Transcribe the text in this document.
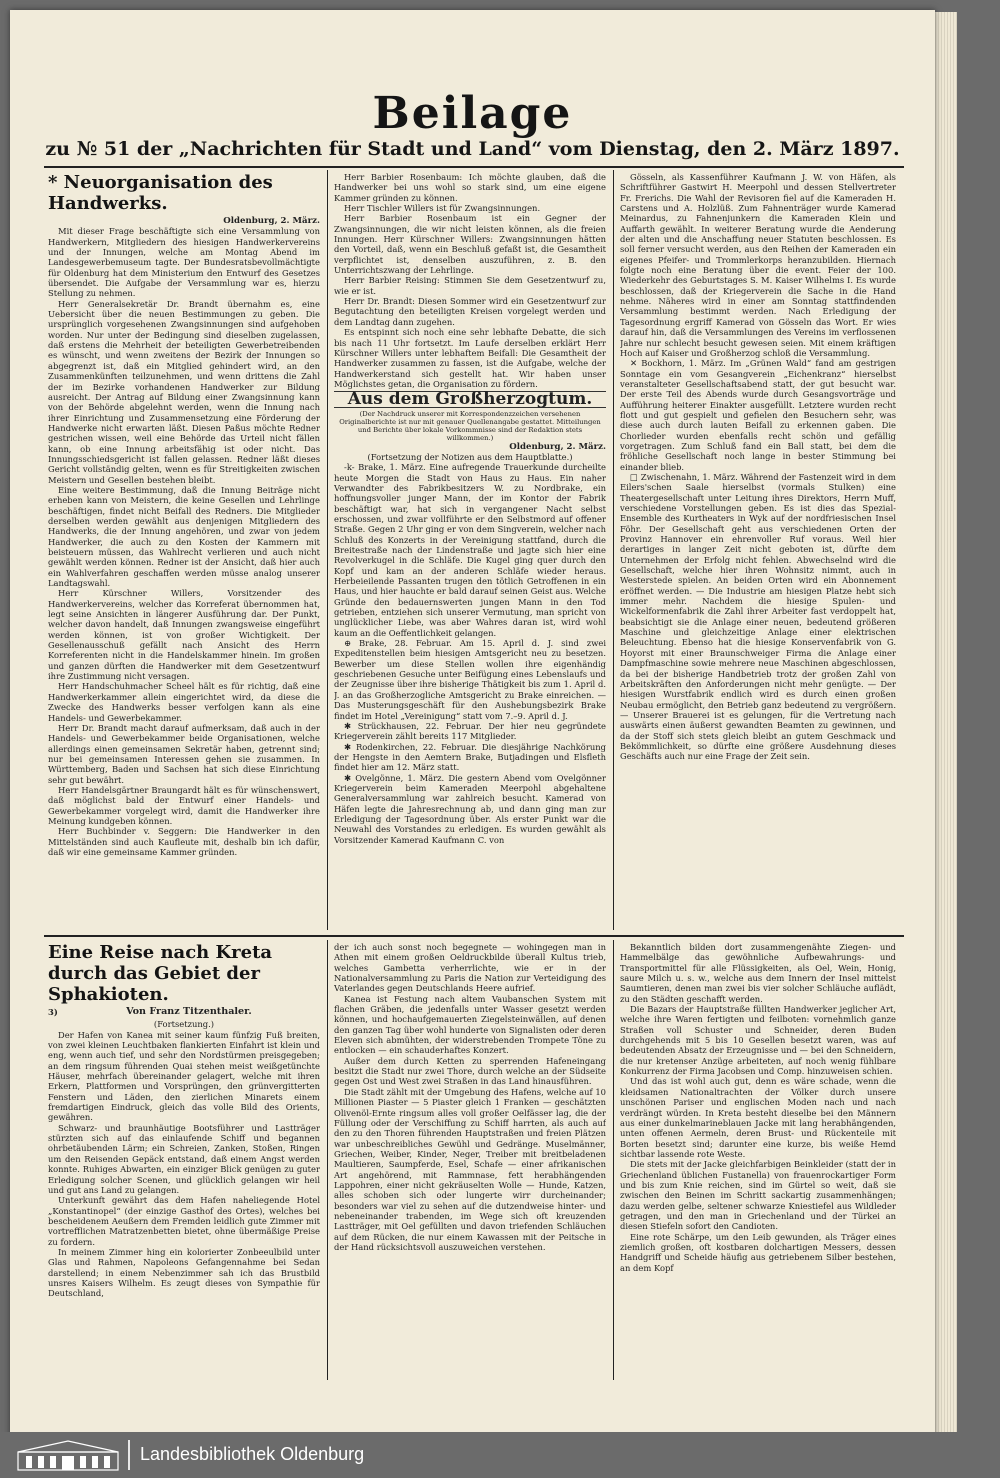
Beilage
zu № 51 der „Nachrichten für Stadt und Land“ vom Dienstag, den 2. März 1897.
* Neuorganisation des Handwerks.
Oldenburg, 2. März.

Mit dieser Frage beschäftigte sich eine Versammlung von Handwerkern, Mitgliedern des hiesigen Handwerkervereins und der Innungen, welche am Montag Abend im Landesgewerbemuseum tagte. Der Bundesratsbevollmächtigte für Oldenburg hat dem Ministerium den Entwurf des Gesetzes übersendet. Die Aufgabe der Versammlung war es, hierzu Stellung zu nehmen.

Herr Generalsekretär Dr. Brandt übernahm es, eine Uebersicht über die neuen Bestimmungen zu geben. Die ursprünglich vorgesehenen Zwangsinnungen sind aufgehoben worden. Nur unter der Bedingung sind dieselben zugelassen, daß erstens die Mehrheit der beteiligten Gewerbetreibenden es wünscht, und wenn zweitens der Bezirk der Innungen so abgegrenzt ist, daß ein Mitglied gehindert wird, an den Zusammenkünften teilzunehmen, und wenn drittens die Zahl der im Bezirke vorhandenen Handwerker zur Bildung ausreicht. Der Antrag auf Bildung einer Zwangsinnung kann von der Behörde abgelehnt werden, wenn die Innung nach ihrer Einrichtung und Zusammensetzung eine Förderung der Handwerke nicht erwarten läßt. Diesen Paßus möchte Redner gestrichen wissen, weil eine Behörde das Urteil nicht fällen kann, ob eine Innung arbeitsfähig ist oder nicht. Das Innungsschiedsgericht ist fallen gelassen. Redner läßt dieses Gericht vollständig gelten, wenn es für Streitigkeiten zwischen Meistern und Gesellen bestehen bleibt.

Eine weitere Bestimmung, daß die Innung Beiträge nicht erheben kann von Meistern, die keine Gesellen und Lehrlinge beschäftigen, findet nicht Beifall des Redners. Die Mitglieder derselben werden gewählt aus denjenigen Mitgliedern des Handwerks, die der Innung angehören, und zwar von jedem Handwerker, die auch zu den Kosten der Kammern mit beisteuern müssen, das Wahlrecht verlieren und auch nicht gewählt werden können. Redner ist der Ansicht, daß hier auch ein Wahlverfahren geschaffen werden müsse analog unserer Landtagswahl.

Herr Kürschner Willers, Vorsitzender des Handwerkervereins, welcher das Korreferat übernommen hat, legt seine Ansichten in längerer Ausführung dar. Der Punkt, welcher davon handelt, daß Innungen zwangsweise eingeführt werden können, ist von großer Wichtigkeit. Der Gesellenausschuß gefällt nach Ansicht des Herrn Korreferenten nicht in die Handelskammer hinein. Im großen und ganzen dürften die Handwerker mit dem Gesetzentwurf ihre Zustimmung nicht versagen.

Herr Handschuhmacher Scheel hält es für richtig, daß eine Handwerkerkammer allein eingerichtet wird, da diese die Zwecke des Handwerks besser verfolgen kann als eine Handels- und Gewerbekammer.

Herr Dr. Brandt macht darauf aufmerksam, daß auch in der Handels- und Gewerbekammer beide Organisationen, welche allerdings einen gemeinsamen Sekretär haben, getrennt sind; nur bei gemeinsamen Interessen gehen sie zusammen. In Württemberg, Baden und Sachsen hat sich diese Einrichtung sehr gut bewährt.

Herr Handelsgärtner Braungardt hält es für wünschenswert, daß möglichst bald der Entwurf einer Handels- und Gewerbekammer vorgelegt wird, damit die Handwerker ihre Meinung kundgeben können.

Herr Buchbinder v. Seggern: Die Handwerker in den Mittelständen sind auch Kaufleute mit, deshalb bin ich dafür, daß wir eine gemeinsame Kammer gründen.

Herr Barbier Rosenbaum: Ich möchte glauben, daß die Handwerker bei uns wohl so stark sind, um eine eigene Kammer gründen zu können.

Herr Tischler Willers ist für Zwangsinnungen.

Herr Barbier Rosenbaum ist ein Gegner der Zwangsinnungen, die wir nicht leisten können, als die freien Innungen. Herr Kürschner Willers: Zwangsinnungen hätten den Vorteil, daß, wenn ein Beschluß gefaßt ist, die Gesamtheit verpflichtet ist, denselben auszuführen, z. B. den Unterrichtszwang der Lehrlinge.

Herr Barbier Reising: Stimmen Sie dem Gesetzentwurf zu, wie er ist.

Herr Dr. Brandt: Diesen Sommer wird ein Gesetzentwurf zur Begutachtung den beteiligten Kreisen vorgelegt werden und dem Landtag dann zugehen.

Es entspinnt sich noch eine sehr lebhafte Debatte, die sich bis nach 11 Uhr fortsetzt. Im Laufe derselben erklärt Herr Kürschner Willers unter lebhaftem Beifall: Die Gesamtheit der Handwerker zusammen zu fassen, ist die Aufgabe, welche der Handwerkerstand sich gestellt hat. Wir haben unser Möglichstes getan, die Organisation zu fördern.

Aus dem Großherzogtum.
(Der Nachdruck unserer mit Korrespondenzzeichen versehenen Originalberichte ist nur mit genauer Quellenangabe gestattet. Mitteilungen und Berichte über lokale Vorkommnisse sind der Redaktion stets willkommen.)
Oldenburg, 2. März.
(Fortsetzung der Notizen aus dem Hauptblatte.)

-k- Brake, 1. März. Eine aufregende Trauerkunde durcheilte heute Morgen die Stadt von Haus zu Haus. Ein naher Verwandter des Fabrikbesitzers W. zu Nordbrake, ein hoffnungsvoller junger Mann, der im Kontor der Fabrik beschäftigt war, hat sich in vergangener Nacht selbst erschossen, und zwar vollführte er den Selbstmord auf offener Straße. Gegen 2 Uhr ging er von dem Singverein, welcher nach Schluß des Konzerts in der Vereinigung stattfand, durch die Breitestraße nach der Lindenstraße und jagte sich hier eine Revolverkugel in die Schläfe. Die Kugel ging quer durch den Kopf und kam an der anderen Schläfe wieder heraus. Herbeieilende Passanten trugen den tötlich Getroffenen in ein Haus, und hier hauchte er bald darauf seinen Geist aus. Welche Gründe den bedauernswerten jungen Mann in den Tod getrieben, entziehen sich unserer Vermutung, man spricht von unglücklicher Liebe, was aber Wahres daran ist, wird wohl kaum an die Oeffentlichkeit gelangen.

⊕ Brake, 28. Februar. Am 15. April d. J. sind zwei Expeditenstellen beim hiesigen Amtsgericht neu zu besetzen. Bewerber um diese Stellen wollen ihre eigenhändig geschriebenen Gesuche unter Beifügung eines Lebenslaufs und der Zeugnisse über ihre bisherige Thätigkeit bis zum 1. April d. J. an das Großherzogliche Amtsgericht zu Brake einreichen. — Das Musterungsgeschäft für den Aushebungsbezirk Brake findet im Hotel „Vereinigung“ statt vom 7.–9. April d. J.

✱ Strückhausen, 22. Februar. Der hier neu gegründete Kriegerverein zählt bereits 117 Mitglieder.

✱ Rodenkirchen, 22. Februar. Die diesjährige Nachkörung der Hengste in den Aemtern Brake, Butjadingen und Elsfleth findet hier am 12. März statt.

✱ Ovelgönne, 1. März. Die gestern Abend vom Ovelgönner Kriegerverein beim Kameraden Meerpohl abgehaltene Generalversammlung war zahlreich besucht. Kamerad von Häfen legte die Jahresrechnung ab, und dann ging man zur Erledigung der Tagesordnung über. Als erster Punkt war die Neuwahl des Vorstandes zu erledigen. Es wurden gewählt als Vorsitzender Kamerad Kaufmann C. von

Gösseln, als Kassenführer Kaufmann J. W. von Häfen, als Schriftführer Gastwirt H. Meerpohl und dessen Stellvertreter Fr. Frerichs. Die Wahl der Revisoren fiel auf die Kameraden H. Carstens und A. Holzlüß. Zum Fahnenträger wurde Kamerad Meinardus, zu Fahnenjunkern die Kameraden Klein und Auffarth gewählt. In weiterer Beratung wurde die Aenderung der alten und die Anschaffung neuer Statuten beschlossen. Es soll ferner versucht werden, aus den Reihen der Kameraden ein eigenes Pfeifer- und Trommlerkorps heranzubilden. Hiernach folgte noch eine Beratung über die event. Feier der 100. Wiederkehr des Geburtstages S. M. Kaiser Wilhelms I. Es wurde beschlossen, daß der Kriegerverein die Sache in die Hand nehme. Näheres wird in einer am Sonntag stattfindenden Versammlung bestimmt werden. Nach Erledigung der Tagesordnung ergriff Kamerad von Gösseln das Wort. Er wies darauf hin, daß die Versammlungen des Vereins im verflossenen Jahre nur schlecht besucht gewesen seien. Mit einem kräftigen Hoch auf Kaiser und Großherzog schloß die Versammlung.

✕ Bockhorn, 1. März. Im „Grünen Wald“ fand am gestrigen Sonntage ein vom Gesangverein „Eichenkranz“ hierselbst veranstalteter Gesellschaftsabend statt, der gut besucht war. Der erste Teil des Abends wurde durch Gesangsvorträge und Aufführung heiterer Einakter ausgefüllt. Letztere wurden recht flott und gut gespielt und gefielen den Besuchern sehr, was diese auch durch lauten Beifall zu erkennen gaben. Die Chorlieder wurden ebenfalls recht schön und gefällig vorgetragen. Zum Schluß fand ein Ball statt, bei dem die fröhliche Gesellschaft noch lange in bester Stimmung bei einander blieb.

□ Zwischenahn, 1. März. Während der Fastenzeit wird in dem Eilers'schen Saale hierselbst (vormals Stulken) eine Theatergesellschaft unter Leitung ihres Direktors, Herrn Muff, verschiedene Vorstellungen geben. Es ist dies das Spezial-Ensemble des Kurtheaters in Wyk auf der nordfriesischen Insel Föhr. Der Gesellschaft geht aus verschiedenen Orten der Provinz Hannover ein ehrenvoller Ruf voraus. Weil hier derartiges in langer Zeit nicht geboten ist, dürfte dem Unternehmen der Erfolg nicht fehlen. Abwechselnd wird die Gesellschaft, welche hier ihren Wohnsitz nimmt, auch in Westerstede spielen. An beiden Orten wird ein Abonnement eröffnet werden. — Die Industrie am hiesigen Platze hebt sich immer mehr. Nachdem die hiesige Spulen- und Wickelformenfabrik die Zahl ihrer Arbeiter fast verdoppelt hat, beabsichtigt sie die Anlage einer neuen, bedeutend größeren Maschine und gleichzeitige Anlage einer elektrischen Beleuchtung. Ebenso hat die hiesige Konservenfabrik von G. Hoyorst mit einer Braunschweiger Firma die Anlage einer Dampfmaschine sowie mehrere neue Maschinen abgeschlossen, da bei der bisherige Handbetrieb trotz der großen Zahl von Arbeitskräften den Anforderungen nicht mehr genügte. — Der hiesigen Wurstfabrik endlich wird es durch einen großen Neubau ermöglicht, den Betrieb ganz bedeutend zu vergrößern. — Unserer Brauerei ist es gelungen, für die Vertretung nach auswärts einen äußerst gewandten Beamten zu gewinnen, und da der Stoff sich stets gleich bleibt an gutem Geschmack und Bekömmlichkeit, so dürfte eine größere Ausdehnung dieses Geschäfts auch nur eine Frage der Zeit sein.

Eine Reise nach Kreta durch das Gebiet der Sphakioten.
3)	Von Franz Titzenthaler.
(Fortsetzung.)

Der Hafen von Kanea mit seiner kaum fünfzig Fuß breiten, von zwei kleinen Leuchtbaken flankierten Einfahrt ist klein und eng, wenn auch tief, und sehr den Nordstürmen preisgegeben; an dem ringsum führenden Quai stehen meist weißgetünchte Häuser, mehrfach übereinander gelagert, welche mit ihren Erkern, Plattformen und Vorsprüngen, den grünvergitterten Fenstern und Läden, den zierlichen Minarets einem fremdartigen Eindruck, gleich das volle Bild des Orients, gewähren.

Schwarz- und braunhäutige Bootsführer und Lastträger stürzten sich auf das einlaufende Schiff und begannen ohrbetäubenden Lärm; ein Schreien, Zanken, Stoßen, Ringen um den Reisenden Gepäck entstand, daß einem Angst werden konnte. Ruhiges Abwarten, ein einziger Blick genügen zu guter Erledigung solcher Scenen, und glücklich gelangen wir heil und gut ans Land zu gelangen.

Unterkunft gewährt das dem Hafen naheliegende Hotel „Konstantinopel“ (der einzige Gasthof des Ortes), welches bei bescheidenem Aeußern dem Fremden leidlich gute Zimmer mit vortrefflichen Matratzenbetten bietet, ohne übermäßige Preise zu fordern.

In meinem Zimmer hing ein kolorierter Zonbeeulbild unter Glas und Rahmen, Napoleons Gefangennahme bei Sedan darstellend; in einem Nebenzimmer sah ich das Brustbild unsres Kaisers Wilhelm. Es zeugt dieses von Sympathie für Deutschland,

der ich auch sonst noch begegnete — wohingegen man in Athen mit einem großen Oeldruckbilde überall Kultus trieb, welches Gambetta verherrlichte, wie er in der Nationalversammlung zu Paris die Nation zur Verteidigung des Vaterlandes gegen Deutschlands Heere aufrief.

Kanea ist Festung nach altem Vaubanschen System mit flachen Gräben, die jedenfalls unter Wasser gesetzt werden können, und hochaufgemauerten Ziegelsteinwällen, auf denen den ganzen Tag über wohl hunderte von Signalisten oder deren Eleven sich abmühten, der widerstrebenden Trompete Töne zu entlocken — ein schauderhaftes Konzert.

Außer dem durch Ketten zu sperrenden Hafeneingang besitzt die Stadt nur zwei Thore, durch welche an der Südseite gegen Ost und West zwei Straßen in das Land hinausführen.

Die Stadt zählt mit der Umgebung des Hafens, welche auf 10 Millionen Piaster — 5 Piaster gleich 1 Franken — geschätzten Olivenöl-Ernte ringsum alles voll großer Oelfässer lag, die der Füllung oder der Verschiffung zu Schiff harrten, als auch auf den zu den Thoren führenden Hauptstraßen und freien Plätzen war unbeschreibliches Gewühl und Gedränge. Muselmänner, Griechen, Weiber, Kinder, Neger, Treiber mit breitbeladenen Maultieren, Saumpferde, Esel, Schafe — einer afrikanischen Art angehörend, mit Rammnase, fett herabhängenden Lappohren, einer nicht gekräuselten Wolle — Hunde, Katzen, alles schoben sich oder lungerte wirr durcheinander; besonders war viel zu sehen auf die dutzendweise hinter- und nebeneinander trabenden, im Wege sich oft kreuzenden Lastträger, mit Oel gefüllten und davon triefenden Schläuchen auf dem Rücken, die nur einem Kawassen mit der Peitsche in der Hand rücksichtsvoll auszuweichen verstehen.

Bekanntlich bilden dort zusammengenähte Ziegen- und Hammelbälge das gewöhnliche Aufbewahrungs- und Transportmittel für alle Flüssigkeiten, als Oel, Wein, Honig, saure Milch u. s. w., welche aus dem Innern der Insel mittelst Saumtieren, denen man zwei bis vier solcher Schläuche auflädt, zu den Städten geschafft werden.

Die Bazars der Hauptstraße füllten Handwerker jeglicher Art, welche ihre Waren fertigten und feilboten: vornehmlich ganze Straßen voll Schuster und Schneider, deren Buden durchgehends mit 5 bis 10 Gesellen besetzt waren, was auf bedeutenden Absatz der Erzeugnisse und — bei den Schneidern, die nur kretenser Anzüge arbeiteten, auf noch wenig fühlbare Konkurrenz der Firma Jacobsen und Comp. hinzuweisen schien.

Und das ist wohl auch gut, denn es wäre schade, wenn die kleidsamen Nationaltrachten der Völker durch unsere unschönen Pariser und englischen Moden nach und nach verdrängt würden. In Kreta besteht dieselbe bei den Männern aus einer dunkelmarineblauen Jacke mit lang herabhängenden, unten offenen Aermeln, deren Brust- und Rückenteile mit Borten besetzt sind; darunter eine kurze, bis weiße Hemd sichtbar lassende rote Weste.

Die stets mit der Jacke gleichfarbigen Beinkleider (statt der in Griechenland üblichen Fustanella) von frauenrockartiger Form und bis zum Knie reichen, sind im Gürtel so weit, daß sie zwischen den Beinen im Schritt sackartig zusammenhängen; dazu werden gelbe, seltener schwarze Kniestiefel aus Wildleder getragen, und den man in Griechenland und der Türkei an diesen Stiefeln sofort den Candioten.

Eine rote Schärpe, um den Leib gewunden, als Träger eines ziemlich großen, oft kostbaren dolchartigen Messers, dessen Handgriff und Scheide häufig aus getriebenem Silber bestehen, an dem Kopf

Landesbibliothek Oldenburg
